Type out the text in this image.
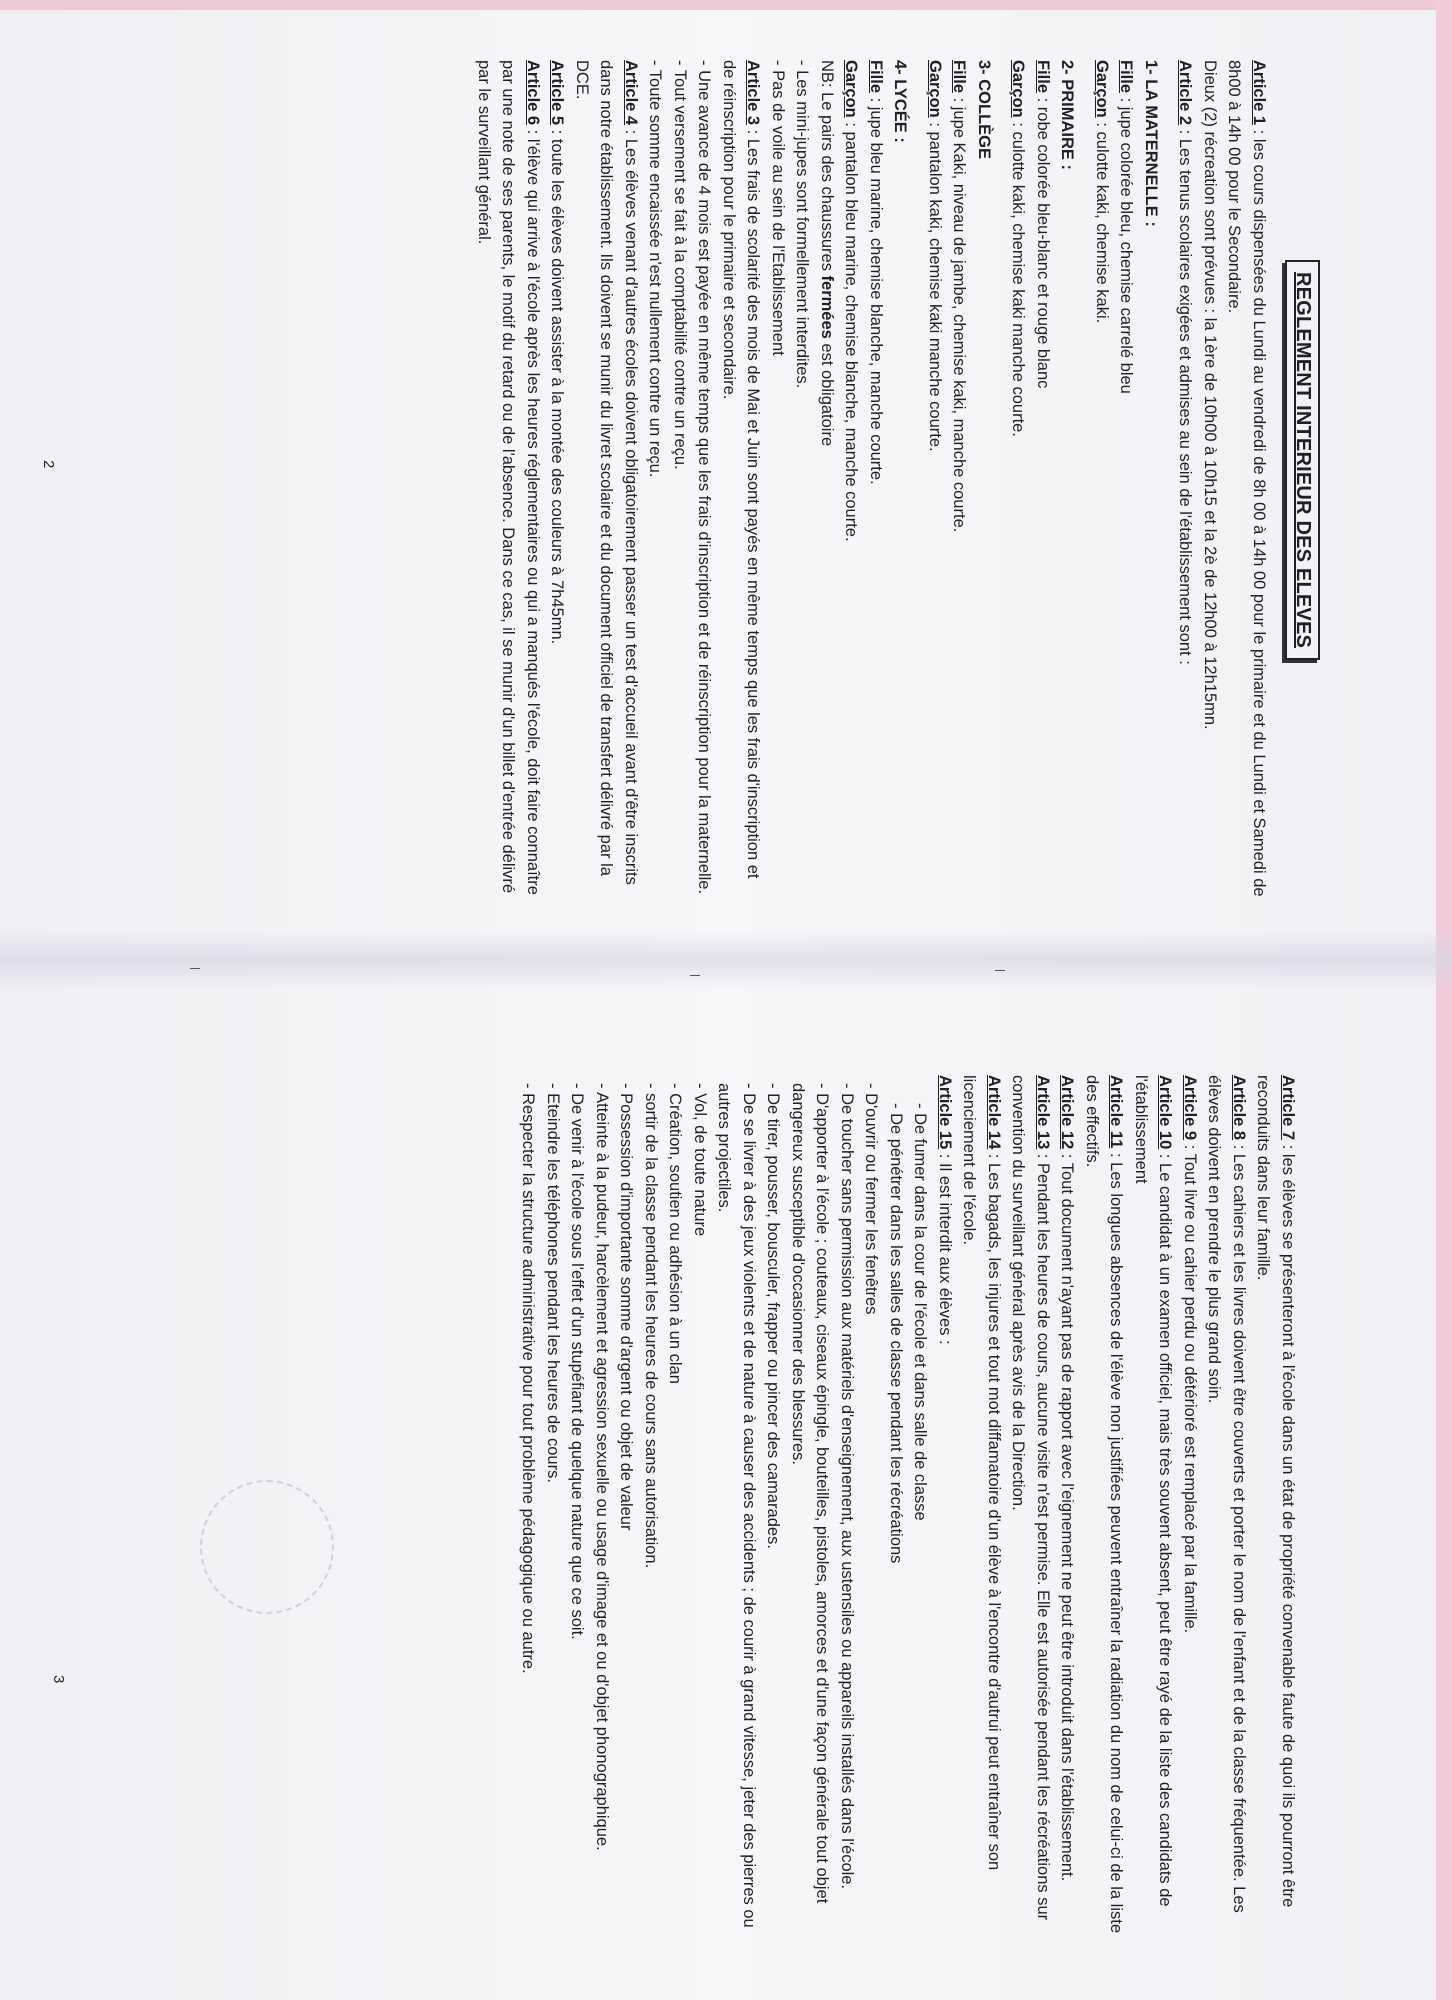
REGLEMENT INTERIEUR DES ELEVES

Article 1 : les cours dispensées du Lundi au vendredi de 8h 00 à 14h 00 pour le primaire et du Lundi et Samedi de 8h00 à 14h 00 pour le Secondaire.

Dieux (2) récreation sont prévues : la 1ère de 10h00 à 10h15 et la 2è de 12h00 à 12h15mn.

Article 2 : Les tenus scolaires exigées et admises au sein de l'établissement sont :

1- LA MATERNELLE :

Fille : jupe colorée bleu, chemise carrelé bleu

Garçon : culotte kaki, chemise kaki.

2- PRIMAIRE :

Fille : robe colorée bleu-blanc et rouge blanc

Garçon : culotte kaki, chemise kaki manche courte.

3- COLLÈGE

Fille : jupe Kaki, niveau de jambe, chemise kaki, manche courte.

Garçon : pantalon kaki, chemise kaki manche courte.

4- LYCÉE :

Fille : jupe bleu marine, chemise blanche, manche courte.

Garçon : pantalon bleu marine, chemise blanche, manche courte.

NB: Le pairs des chaussures fermées est obligatoire

- Les mini-jupes sont formellement interdites.

- Pas de voile au sein de l'Etablissement

Article 3 : Les frais de scolarité des mois de Mai et Juin sont payés en même temps que les frais d'inscription et de réinscription pour le primaire et secondaire.

- Une avance de 4 mois est payée en même temps que les frais d'inscription et de réinscription pour la maternelle.

- Tout versement se fait à la comptabilité contre un reçu.

- Toute somme encaissée n'est nullement contre un reçu.

Article 4 : Les élèves venant d'autres écoles doivent obligatoirement passer un test d'accueil avant d'être inscrits dans notre établissement. Ils doivent se munir du livret scolaire et du document officiel de transfert délivré par la DCE.

Article 5 : toute les élèves doivent assister à la montée des couleurs à 7h45mn.

Article 6 : l'élève qui arrive à l'école après les heures réglementaires ou qui a manqués l'école, doit faire connaître par une note de ses parents, le motif du retard ou de l'absence. Dans ce cas, il se munir d'un billet d'entrée délivré par le surveillant général.

2

Article 7 : les élèves se présenteront à l'école dans un état de propriété convenable faute de quoi ils pourront être reconduits dans leur famille.

Article 8 : Les cahiers et les livres doivent être couverts et porter le nom de l'enfant et de la classe fréquentée. Les élèves doivent en prendre le plus grand soin.

Article 9 : Tout livre ou cahier perdu ou détérioré est remplacé par la famille.

Article 10 : Le candidat à un examen officiel, mais très souvent absent, peut être rayé de la liste des candidats de l'établissement

Article 11 : Les longues absences de l'élève non justifiées peuvent entraîner la radiation du nom de celui-ci de la liste des effectifs.

Article 12 : Tout document n'ayant pas de rapport avec l'eignement ne peut être introduit dans l'établissement.

Article 13 : Pendant les heures de cours, aucune visite n'est permise. Elle est autorisée pendant les récréations sur convention du surveillant général après avis de la Direction.

Article 14 : Les bagads, les injures et tout mot diffamatoire d'un élève à l'encontre d'autrui peut entraîner son licenciement de l'école.

Article 15 : Il est interdit aux élèves :

- De fumer dans la cour de l'école et dans salle de classe

- De pénétrer dans les salles de classe pendant les récréations

- D'ouvrir ou fermer les fenêtres

- De toucher sans permission aux matériels d'enseignement, aux ustensiles ou appareils installés dans l'école.

- D'apporter à l'école ; couteaux, ciseaux épingle, bouteilles, pistoles, amorces et d'une façon générale tout objet dangereux susceptible d'occasionner des blessures.

- De tirer, pousser, bousculer, frapper ou pincer des camarades.

- De se livrer à des jeux violents et de nature à causer des accidents ; de courir à grand vitesse, jeter des pierres ou autres projectiles.

- Vol, de toute nature

- Création, soutien ou adhésion à un clan

- sortir de la classe pendant les heures de cours sans autorisation.

- Possession d'importante somme d'argent ou objet de valeur

- Atteinte à la pudeur, harcèlement et agression sexuelle ou usage d'image et ou d'objet phonographique.

- De venir à l'école sous l'effet d'un stupéfiant de quelque nature que ce soit.

- Eteindre les téléphones pendant les heures de cours.

- Respecter la structure administrative pour tout problème pédagogique ou autre.

3
